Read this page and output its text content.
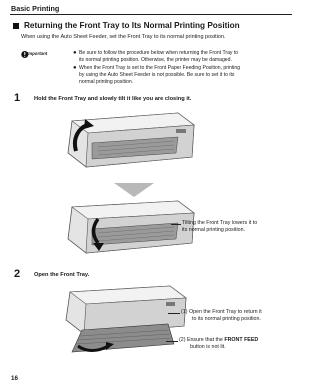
Basic Printing
Returning the Front Tray to Its Normal Printing Position
When using the Auto Sheet Feeder, set the Front Tray to its normal printing position.
Important	● Be sure to follow the procedure below when returning the Front Tray to
its normal printing position. Otherwise, the printer may be damaged.
● When the Front Tray is set to the Front Paper Feeding Position, printing
by using the Auto Sheet Feeder is not possible. Be sure to set it to its
normal printing position.
1 Hold the Front Tray and slowly tilt it like you are closing it.
Tilting the Front Tray lowers it to
its normal printing position.
2 Open the Front Tray.
(1) Open the Front Tray to return it
to its normal printing position.
(2) Ensure that the FRONT FEED
button is not lit.
16
